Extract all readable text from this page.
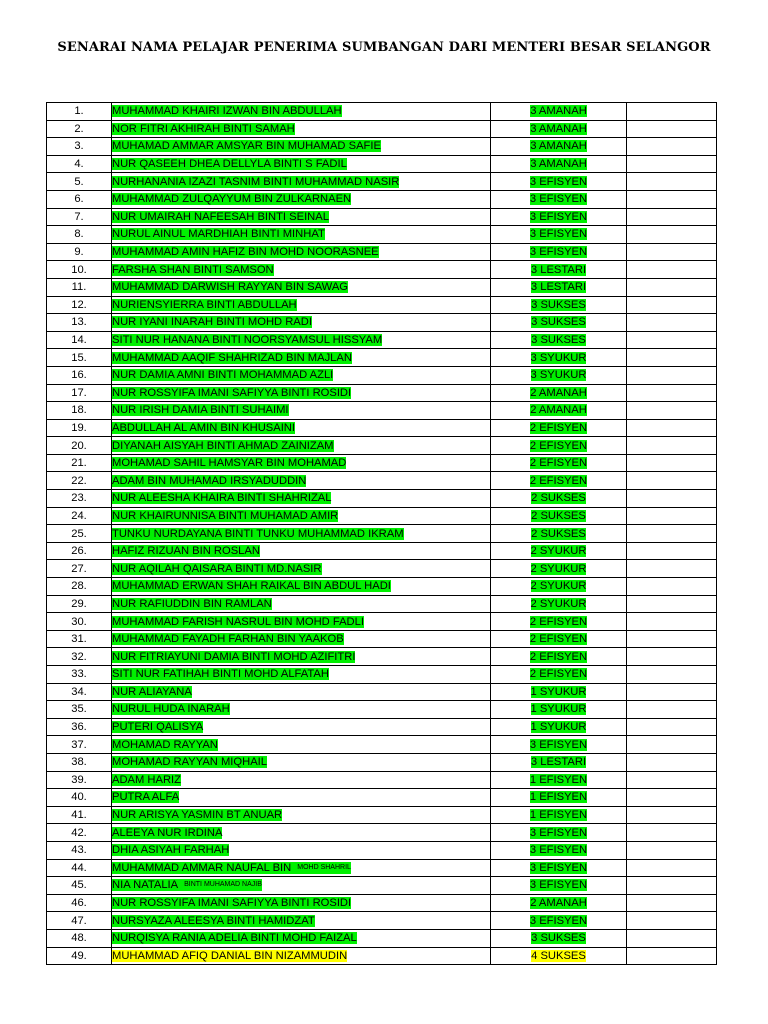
SENARAI NAMA PELAJAR PENERIMA SUMBANGAN DARI MENTERI BESAR SELANGOR
1.	MUHAMMAD KHAIRI IZWAN BIN ABDULLAH	3 AMANAH	
2.	NOR FITRI AKHIRAH BINTI SAMAH	3 AMANAH	
3.	MUHAMAD AMMAR AMSYAR BIN MUHAMAD SAFIE	3 AMANAH	
4.	NUR QASEEH DHEA DELLYLA BINTI S FADIL	3 AMANAH	
5.	NURHANANIA IZAZI TASNIM BINTI MUHAMMAD NASIR	3 EFISYEN	
6.	MUHAMMAD ZULQAYYUM BIN ZULKARNAEN	3 EFISYEN	
7.	NUR UMAIRAH NAFEESAH BINTI SEINAL	3 EFISYEN	
8.	NURUL AINUL MARDHIAH BINTI MINHAT	3 EFISYEN	
9.	MUHAMMAD AMIN HAFIZ BIN MOHD NOORASNEE	3 EFISYEN	
10.	FARSHA SHAN BINTI SAMSON	3 LESTARI	
11.	MUHAMMAD DARWISH RAYYAN BIN SAWAG	3 LESTARI	
12.	NURIENSYIERRA BINTI ABDULLAH	3 SUKSES	
13.	NUR IYANI INARAH BINTI MOHD RADI	3 SUKSES	
14.	SITI NUR HANANA BINTI NOORSYAMSUL HISSYAM	3 SUKSES	
15.	MUHAMMAD AAQIF SHAHRIZAD BIN MAJLAN	3 SYUKUR	
16.	NUR DAMIA AMNI BINTI MOHAMMAD AZLI	3 SYUKUR	
17.	NUR ROSSYIFA IMANI SAFIYYA BINTI ROSIDI	2 AMANAH	
18.	NUR IRISH DAMIA BINTI SUHAIMI	2 AMANAH	
19.	ABDULLAH AL AMIN BIN KHUSAINI	2 EFISYEN	
20.	DIYANAH AISYAH BINTI AHMAD ZAINIZAM	2 EFISYEN	
21.	MOHAMAD SAHIL HAMSYAR BIN MOHAMAD	2 EFISYEN	
22.	ADAM BIN MUHAMAD IRSYADUDDIN	2 EFISYEN	
23.	NUR ALEESHA KHAIRA BINTI SHAHRIZAL	2 SUKSES	
24.	NUR KHAIRUNNISA BINTI MUHAMAD AMIR	2 SUKSES	
25.	TUNKU NURDAYANA BINTI TUNKU MUHAMMAD IKRAM	2 SUKSES	
26.	HAFIZ RIZUAN BIN ROSLAN	2 SYUKUR	
27.	NUR AQILAH QAISARA BINTI MD.NASIR	2 SYUKUR	
28.	MUHAMMAD ERWAN SHAH RAIKAL BIN ABDUL HADI	2 SYUKUR	
29.	NUR RAFIUDDIN BIN RAMLAN	2 SYUKUR	
30.	MUHAMMAD FARISH NASRUL BIN MOHD FADLI	2 EFISYEN	
31.	MUHAMMAD FAYADH FARHAN BIN YAAKOB	2 EFISYEN	
32.	NUR FITRIAYUNI DAMIA BINTI MOHD AZIFITRI	2 EFISYEN	
33.	SITI NUR FATIHAH BINTI MOHD ALFATAH	2 EFISYEN	
34.	NUR ALIAYANA	1 SYUKUR	
35.	NURUL HUDA INARAH	1 SYUKUR	
36.	PUTERI QALISYA	1 SYUKUR	
37.	MOHAMAD RAYYAN	3 EFISYEN	
38.	MOHAMAD RAYYAN MIQHAIL	3 LESTARI	
39.	ADAM HARIZ	1 EFISYEN	
40.	PUTRA ALFA	1 EFISYEN	
41.	NUR ARISYA YASMIN BT ANUAR	1 EFISYEN	
42.	ALEEYA NUR IRDINA	3 EFISYEN	
43.	DHIA ASIYAH FARHAH	3 EFISYEN	
44.	MUHAMMAD AMMAR NAUFAL BIN MOHD SHAHRIL	3 EFISYEN	
45.	NIA NATALIA BINTI MUHAMAD NAJIB	3 EFISYEN	
46.	NUR ROSSYIFA IMANI SAFIYYA BINTI ROSIDI	2 AMANAH	
47.	NURSYAZA ALEESYA BINTI HAMIDZAT	3 EFISYEN	
48.	NURQISYA RANIA ADELIA BINTI MOHD FAIZAL	3 SUKSES	
49.	MUHAMMAD AFIQ DANIAL BIN NIZAMMUDIN	4 SUKSES	
